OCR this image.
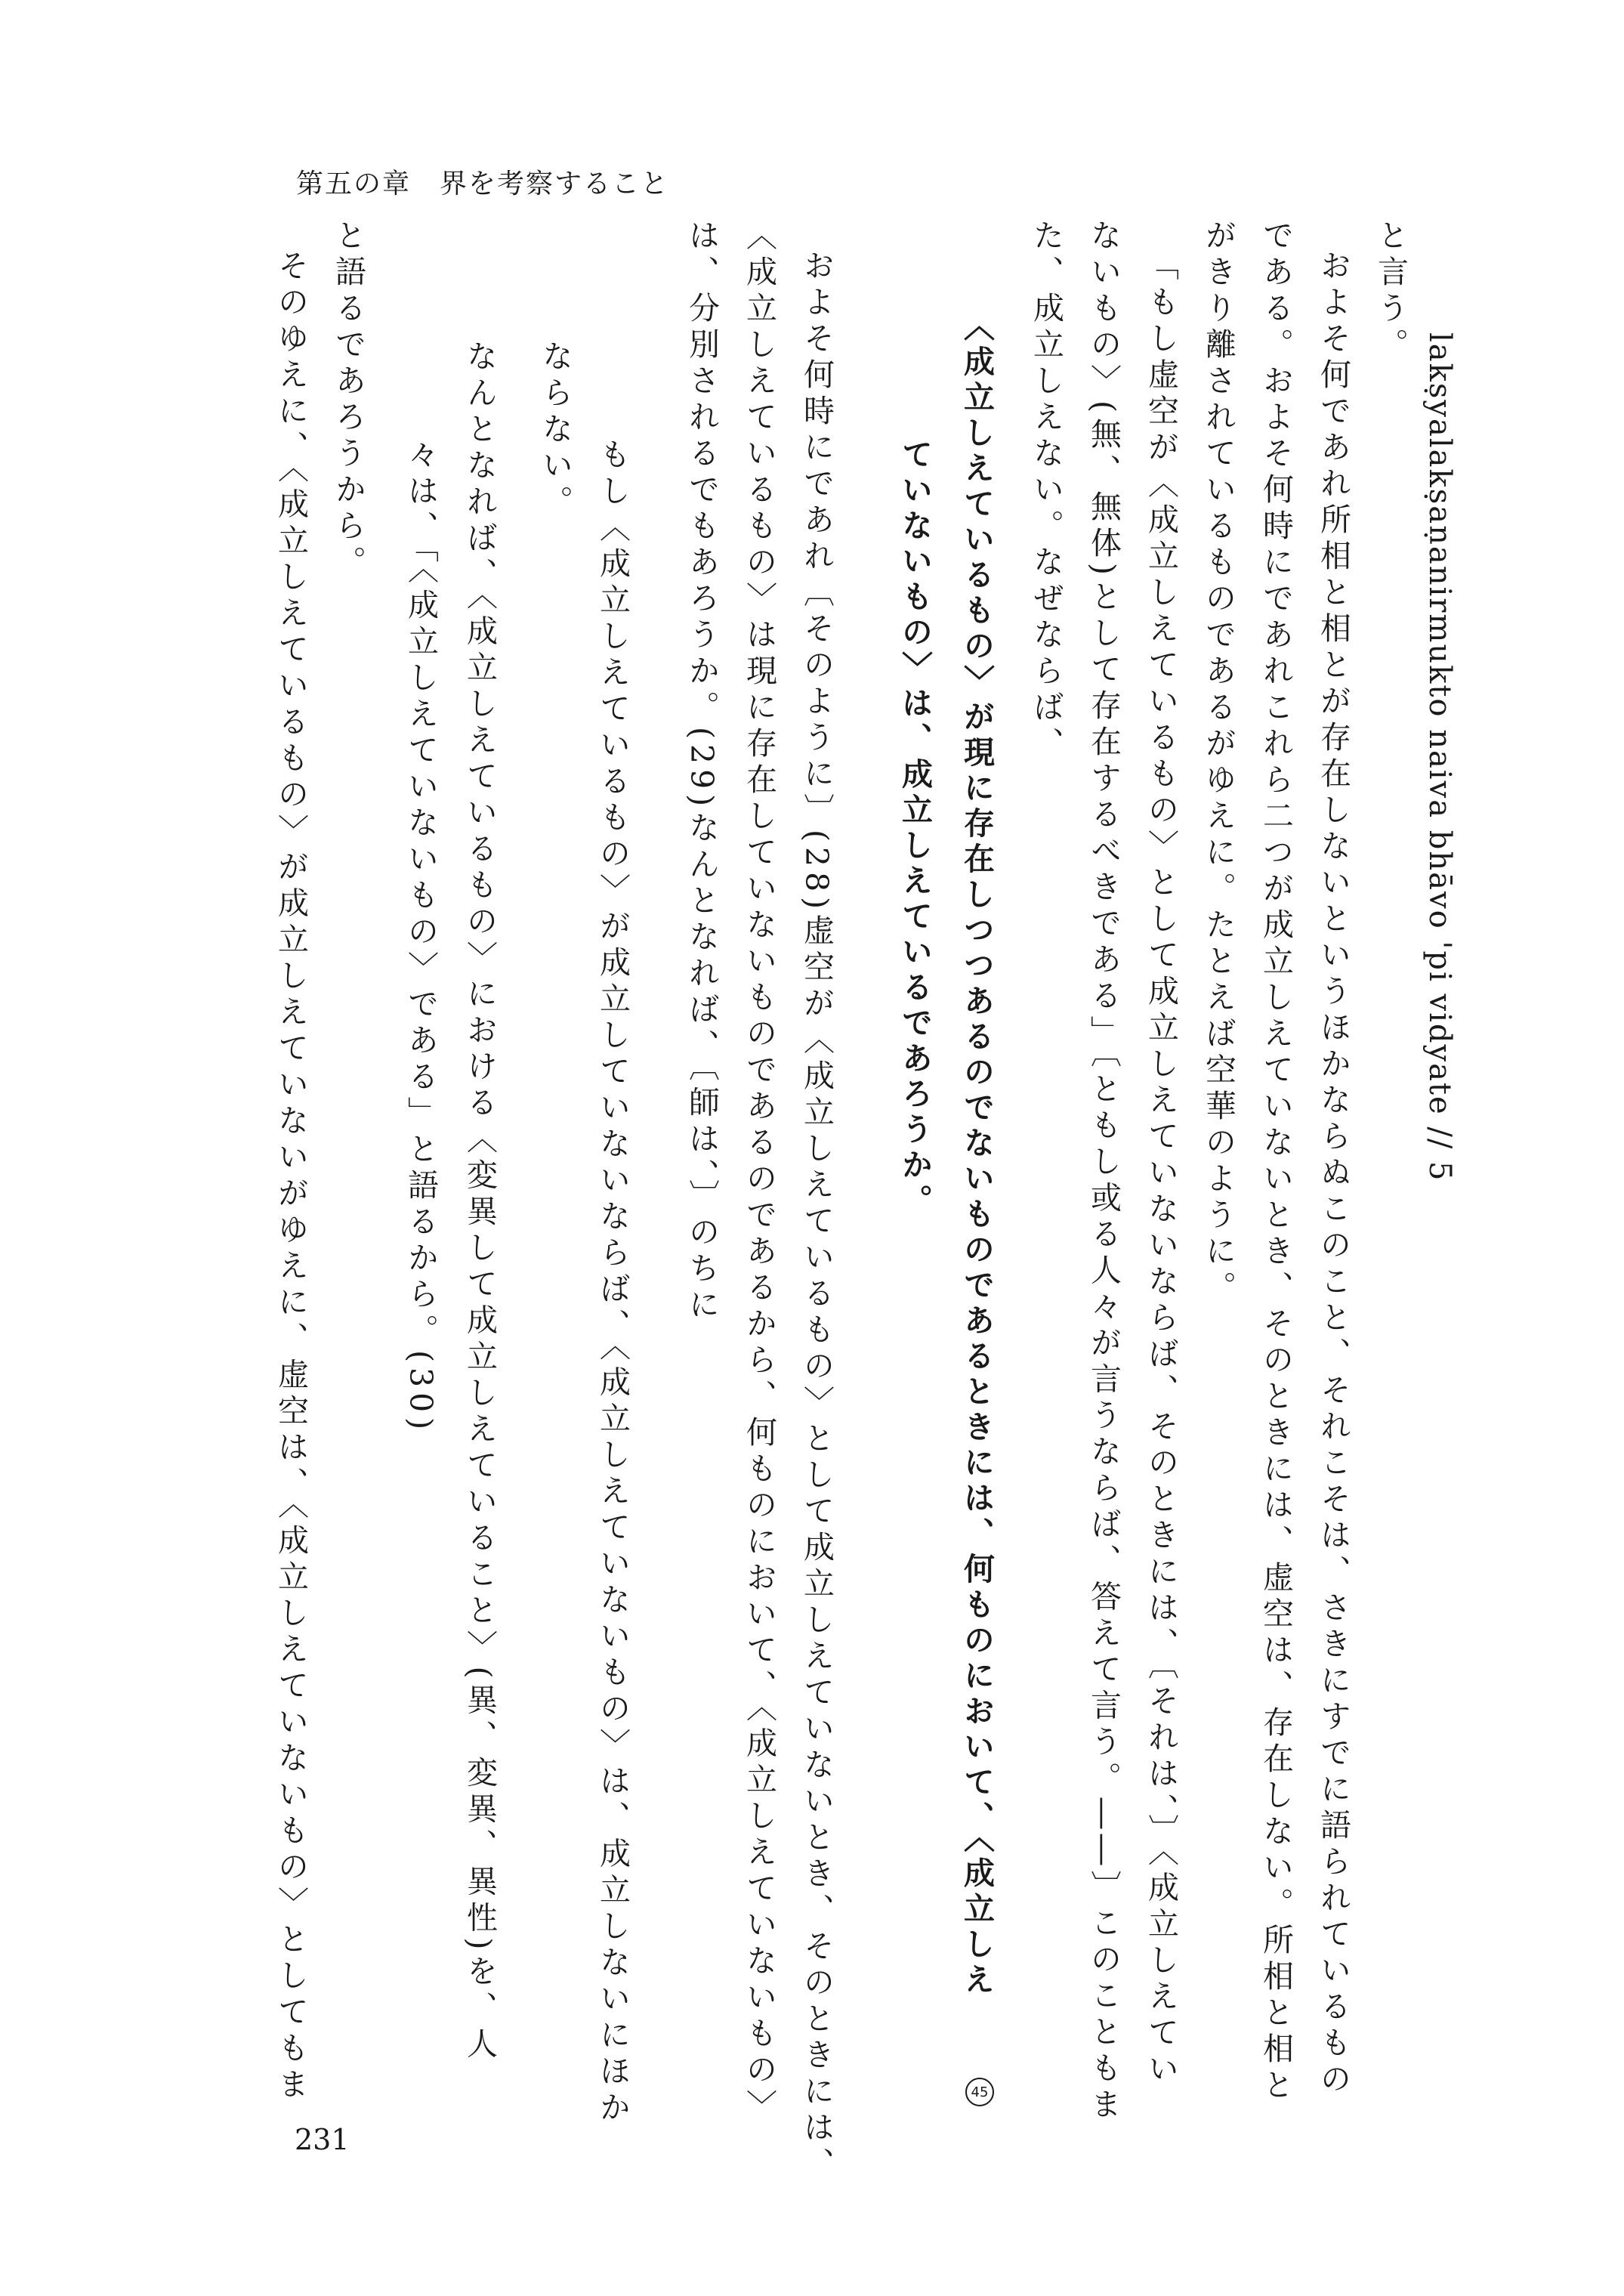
第五の章　界を考察すること
lakṣyalakṣaṇanirmukto naiva bhāvo 'pi vidyate // 5
と言う。
およそ何であれ所相と相とが存在しないというほかならぬこのこと、それこそは、さきにすでに語られているもの
である。およそ何時にであれこれら二つが成立しえていないとき、そのときには、虚空は、存在しない。所相と相と
がきり離されているものであるがゆえに。たとえば空華のように。
「もし虚空が〈成立しえているもの〉として成立しえていないならば、そのときには、〔それは、〕〈成立しえてい
ないもの〉(無、無体)として存在するべきである」〔ともし或る人々が言うならば、答えて言う。――〕このこともま
た、成立しえない。なぜならば、
〈成立しえているもの〉が現に存在しつつあるのでないものであるときには、何ものにおいて、〈成立しえ
ていないもの〉は、成立しえているであろうか。
およそ何時にであれ〔そのように〕(28)虚空が〈成立しえているもの〉として成立しえていないとき、そのときには、
〈成立しえているもの〉は現に存在していないものであるのであるから、何ものにおいて、〈成立しえていないもの〉
は、分別されるでもあろうか。(29)なんとなれば、〔師は、〕のちに
もし〈成立しえているもの〉が成立していないならば、〈成立しえていないもの〉は、成立しないにほか
ならない。
なんとなれば、〈成立しえているもの〉における〈変異して成立しえていること〉(異、変異、異性)を、人
々は、「〈成立しえていないもの〉である」と語るから。(30)
と語るであろうから。
そのゆえに、〈成立しえているもの〉が成立しえていないがゆえに、虚空は、〈成立しえていないもの〉としてもま	45
231
